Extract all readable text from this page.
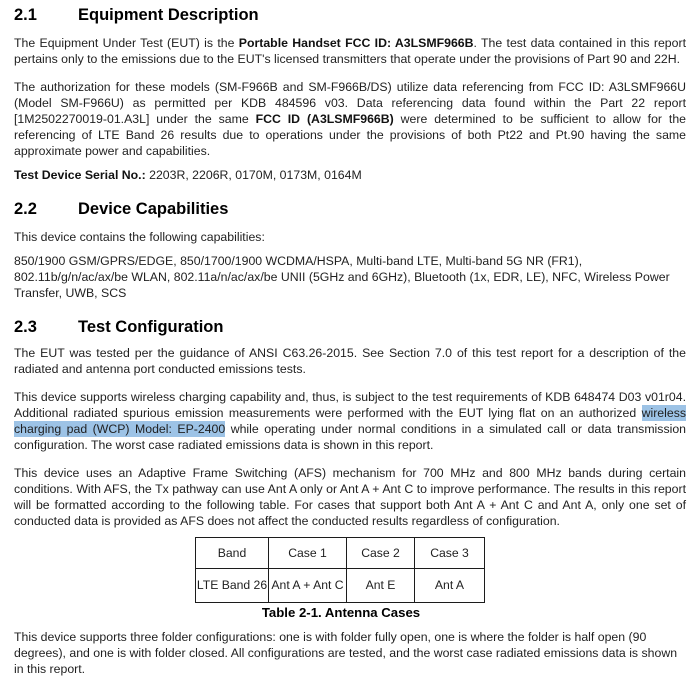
2.1	Equipment Description

The Equipment Under Test (EUT) is the Portable Handset FCC ID: A3LSMF966B. The test data contained in this report pertains only to the emissions due to the EUT's licensed transmitters that operate under the provisions of Part 90 and 22H.

The authorization for these models (SM-F966B and SM-F966B/DS) utilize data referencing from FCC ID: A3LSMF966U (Model SM-F966U) as permitted per KDB 484596 v03. Data referencing data found within the Part 22 report [1M2502270019-01.A3L] under the same FCC ID (A3LSMF966B) were determined to be sufficient to allow for the referencing of LTE Band 26 results due to operations under the provisions of both Pt22 and Pt.90 having the same approximate power and capabilities.

Test Device Serial No.: 2203R, 2206R, 0170M, 0173M, 0164M

2.2	Device Capabilities

This device contains the following capabilities:

850/1900 GSM/GPRS/EDGE, 850/1700/1900 WCDMA/HSPA, Multi-band LTE, Multi-band 5G NR (FR1), 802.11b/g/n/ac/ax/be WLAN, 802.11a/n/ac/ax/be UNII (5GHz and 6GHz), Bluetooth (1x, EDR, LE), NFC, Wireless Power Transfer, UWB, SCS

2.3	Test Configuration

The EUT was tested per the guidance of ANSI C63.26-2015. See Section 7.0 of this test report for a description of the radiated and antenna port conducted emissions tests.

This device supports wireless charging capability and, thus, is subject to the test requirements of KDB 648474 D03 v01r04. Additional radiated spurious emission measurements were performed with the EUT lying flat on an authorized wireless charging pad (WCP) Model: EP-2400 while operating under normal conditions in a simulated call or data transmission configuration. The worst case radiated emissions data is shown in this report.

This device uses an Adaptive Frame Switching (AFS) mechanism for 700 MHz and 800 MHz bands during certain conditions. With AFS, the Tx pathway can use Ant A only or Ant A + Ant C to improve performance. The results in this report will be formatted according to the following table. For cases that support both Ant A + Ant C and Ant A, only one set of conducted data is provided as AFS does not affect the conducted results regardless of configuration.

Band	Case 1	Case 2	Case 3
LTE Band 26	Ant A + Ant C	Ant E	Ant A
Table 2-1. Antenna Cases

This device supports three folder configurations: one is with folder fully open, one is where the folder is half open (90 degrees), and one is with folder closed. All configurations are tested, and the worst case radiated emissions data is shown in this report.
